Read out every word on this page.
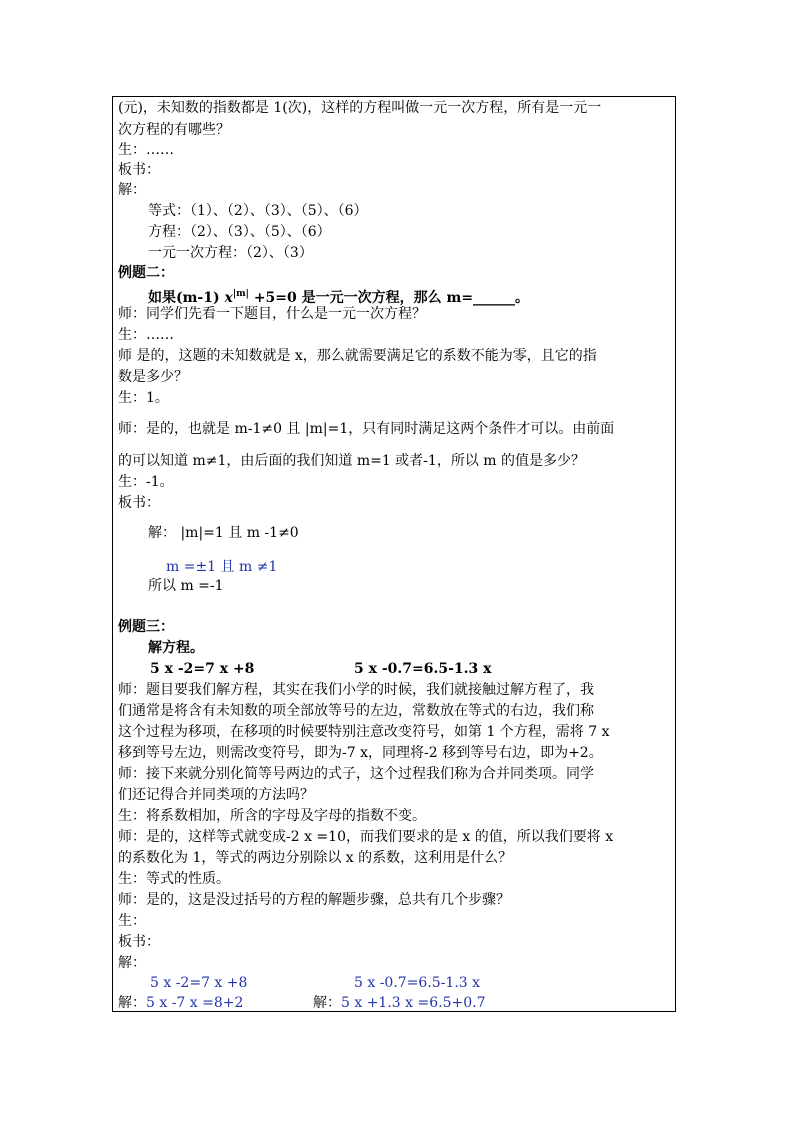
(元)，未知数的指数都是 1(次)，这样的方程叫做一元一次方程，所有是一元一
次方程的有哪些？
生：……
板书：
解：
等式：（1）、（2）、（3）、（5）、（6）
方程：（2）、（3）、（5）、（6）
一元一次方程：（2）、（3）
例题二：
如果(m-1) $x^{|m|} +5=0$ 是一元一次方程，那么 m=______。
师：同学们先看一下题目，什么是一元一次方程？
生：……
师 是的，这题的未知数就是 x，那么就需要满足它的系数不能为零，且它的指
数是多少？
生：1。
师：是的，也就是 m-1≠0 且 |m|=1，只有同时满足这两个条件才可以。由前面
的可以知道 m≠1，由后面的我们知道 m=1 或者-1，所以 m 的值是多少？
生：-1。
板书：
解： |m|=1 且 m -1≠0
m =±1 且 m ≠1
所以 m =-1
例题三：
解方程。
5 x -2=7 x +8	5 x -0.7=6.5-1.3 x
师：题目要我们解方程，其实在我们小学的时候，我们就接触过解方程了，我
们通常是将含有未知数的项全部放等号的左边，常数放在等式的右边，我们称
这个过程为移项，在移项的时候要特别注意改变符号，如第 1 个方程，需将 7 x
移到等号左边，则需改变符号，即为-7 x，同理将-2 移到等号右边，即为+2。
师：接下来就分别化简等号两边的式子，这个过程我们称为合并同类项。同学
们还记得合并同类项的方法吗？
生：将系数相加，所含的字母及字母的指数不变。
师：是的，这样等式就变成-2 x =10，而我们要求的是 x 的值，所以我们要将 x
的系数化为 1，等式的两边分别除以 x 的系数，这利用是什么？
生：等式的性质。
师：是的，这是没过括号的方程的解题步骤，总共有几个步骤？
生：
板书：
解：
5 x -2=7 x +8	5 x -0.7=6.5-1.3 x
解：5 x -7 x =8+2	解：5 x +1.3 x =6.5+0.7
